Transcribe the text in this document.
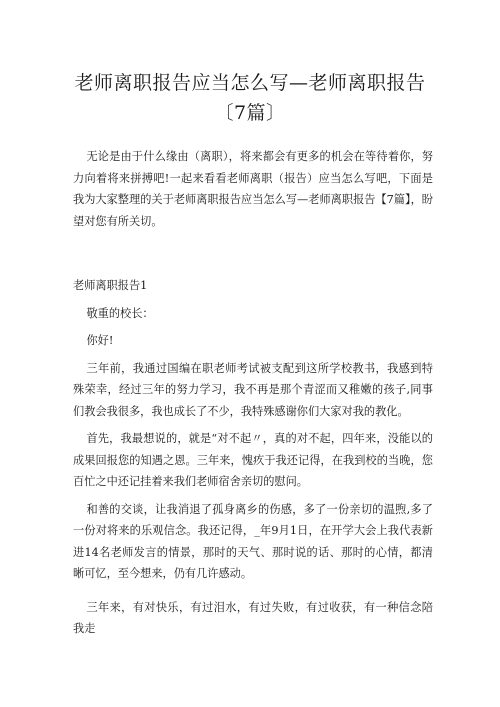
老师离职报告应当怎么写—老师离职报告〔7篇〕

无论是由于什么缘由（离职），将来都会有更多的机会在等待着你，努力向着将来拼搏吧!一起来看看老师离职（报告）应当怎么写吧，下面是我为大家整理的关于老师离职报告应当怎么写—老师离职报告【7篇】，盼望对您有所关切。

老师离职报告1

敬重的校长：

你好!

三年前，我通过国编在职老师考试被支配到这所学校教书，我感到特殊荣幸，经过三年的努力学习，我不再是那个青涩而又稚嫩的孩子,同事们教会我很多，我也成长了不少，我特殊感谢你们大家对我的教化。

首先，我最想说的，就是“对不起〃，真的对不起，四年来，没能以的成果回报您的知遇之恩。三年来，愧疚于我还记得，在我到校的当晚，您百忙之中还记挂着来我们老师宿舍亲切的慰问。

和善的交谈，让我消退了孤身离乡的伤感，多了一份亲切的温煦,多了一份对将来的乐观信念。我还记得，_年9月1日，在开学大会上我代表新进14名老师发言的情景，那时的天气、那时说的话、那时的心情，都清晰可忆，至今想来，仍有几许感动。

三年来，有对快乐，有过泪水，有过失败，有过收获，有一种信念陪我走
